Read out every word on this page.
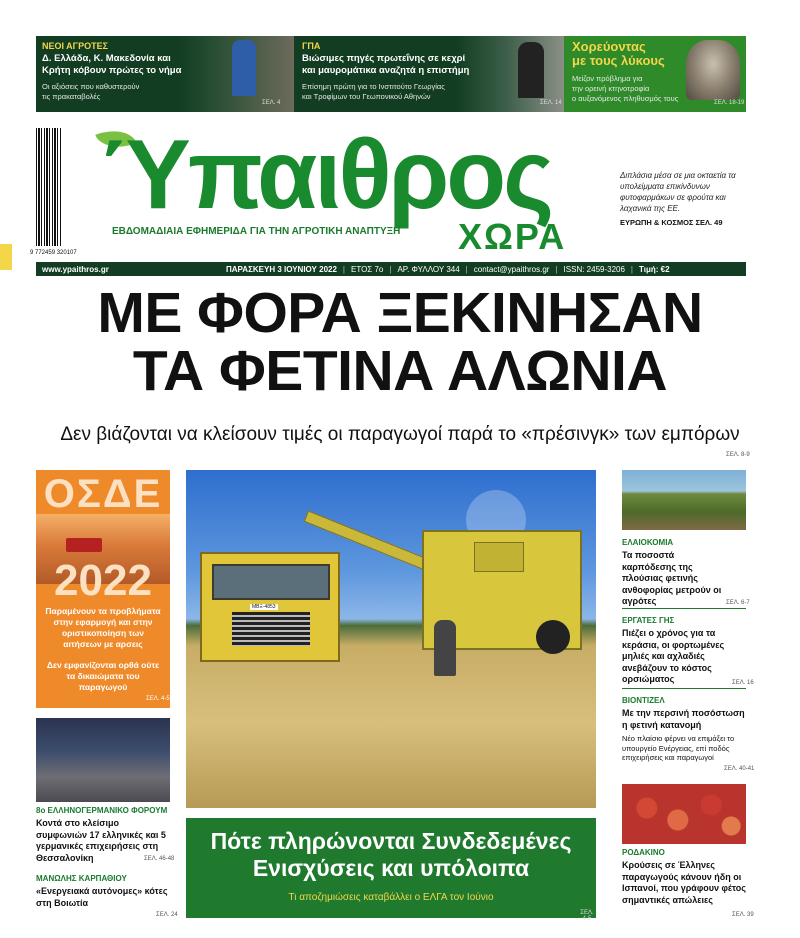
ΝΕΟΙ ΑΓΡΟΤΕΣ
Δ. Ελλάδα, Κ. Μακεδονία και
Κρήτη κόβουν πρώτες το νήμα
Οι αξιόσεις που καθυστερούν
τις πρακαταβολές
ΣΕΛ. 4
ΓΠΑ
Βιώσιμες πηγές πρωτεΐνης σε κεχρί
και μαυρομάτικα αναζητά η επιστήμη
Επίσημη πρώτη για το Ινστιτούτο Γεωργίας
και Τροφίμων του Γεωπονικού Αθηνών
ΣΕΛ. 14
Χορεύοντας
με τους λύκους
Μείζον πρόβλημα για
την ορεινή κτηνοτροφία
ο αυξανόμενος πληθυσμός τους	ΣΕΛ. 18-19
9 772459 320107
Ύπαιθρος
ΧΩΡΑ
ΕΒΔΟΜΑΔΙΑΙΑ ΕΦΗΜΕΡΙΔΑ ΓΙΑ ΤΗΝ ΑΓΡΟΤΙΚΗ ΑΝΑΠΤΥΞΗ
Διπλάσια μέσα σε μια οκταετία τα υπολείμματα επικίνδυνων φυτοφαρμάκων σε φρούτα και λαχανικά της ΕΕ.
ΕΥΡΩΠΗ & ΚΟΣΜΟΣ ΣΕΛ. 49
www.ypaithros.gr	ΠΑΡΑΣΚΕΥΗ 3 ΙΟΥΝΙΟΥ 2022 | ΕΤΟΣ 7ο | ΑΡ. ΦΥΛΛΟΥ 344 | contact@ypaithros.gr | ISSN: 2459-3206 | Τιμή: €2
ΜΕ ΦΟΡΑ ΞΕΚΙΝΗΣΑΝ
ΤΑ ΦΕΤΙΝΑ ΑΛΩΝΙΑ
Δεν βιάζονται να κλείσουν τιμές οι παραγωγοί παρά το «πρέσινγκ» των εμπόρων
ΣΕΛ. 8-9
ΟΣΔΕ
2022
Παραμένουν τα προβλήματα στην εφαρμογή και στην οριστικοποίηση των αιτήσεων με αρσεις
Δεν εμφανίζονται ορθά ούτε τα δικαιώματα του παραγωγού
ΣΕΛ. 4-5
8ο ΕΛΛΗΝΟΓΕΡΜΑΝΙΚΟ ΦΟΡΟΥΜ
Κοντά στο κλείσιμο συμφωνιών 17 ελληνικές και 5 γερμανικές επιχειρήσεις στη Θεσσαλονίκη	ΣΕΛ. 46-48
ΜΑΝΩΛΗΣ ΚΑΡΠΑΘΙΟΥ
«Ενεργειακά αυτόνομες» κότες στη Βοιωτία
ΣΕΛ. 24
ΜΒΞ-4853
Πότε πληρώνονται Συνδεδεμένες
Ενισχύσεις και υπόλοιπα
Τι αποζημιώσεις καταβάλλει ο ΕΛΓΑ τον Ιούνιο
ΣΕΛ. 4-5
ΕΛΑΙΟΚΟΜΙΑ
Τα ποσοστά καρπόδεσης της πλούσιας φετινής ανθοφορίας μετρούν οι αγρότες	ΣΕΛ. 6-7
ΕΡΓΑΤΕΣ ΓΗΣ
Πιέζει ο χρόνος για τα κεράσια, οι φορτωμένες μηλιές και αχλαδιές ανεβάζουν το κόστος ορσιώματος	ΣΕΛ. 16
ΒΙΟΝΤΙΖΕΛ
Με την περσινή ποσόστωση η φετινή κατανομή
Νέο πλαίσιο φέρνει να επιμάξει το υπουργείο Ενέργειας, επί ποδός επιχειρήσεις και παραγωγοί
ΣΕΛ. 40-41
ΡΟΔΑΚΙΝΟ
Κρούσεις σε Έλληνες παραγωγούς κάνουν ήδη οι Ισπανοί, που γράφουν φέτος σημαντικές απώλειες
ΣΕΛ. 39
